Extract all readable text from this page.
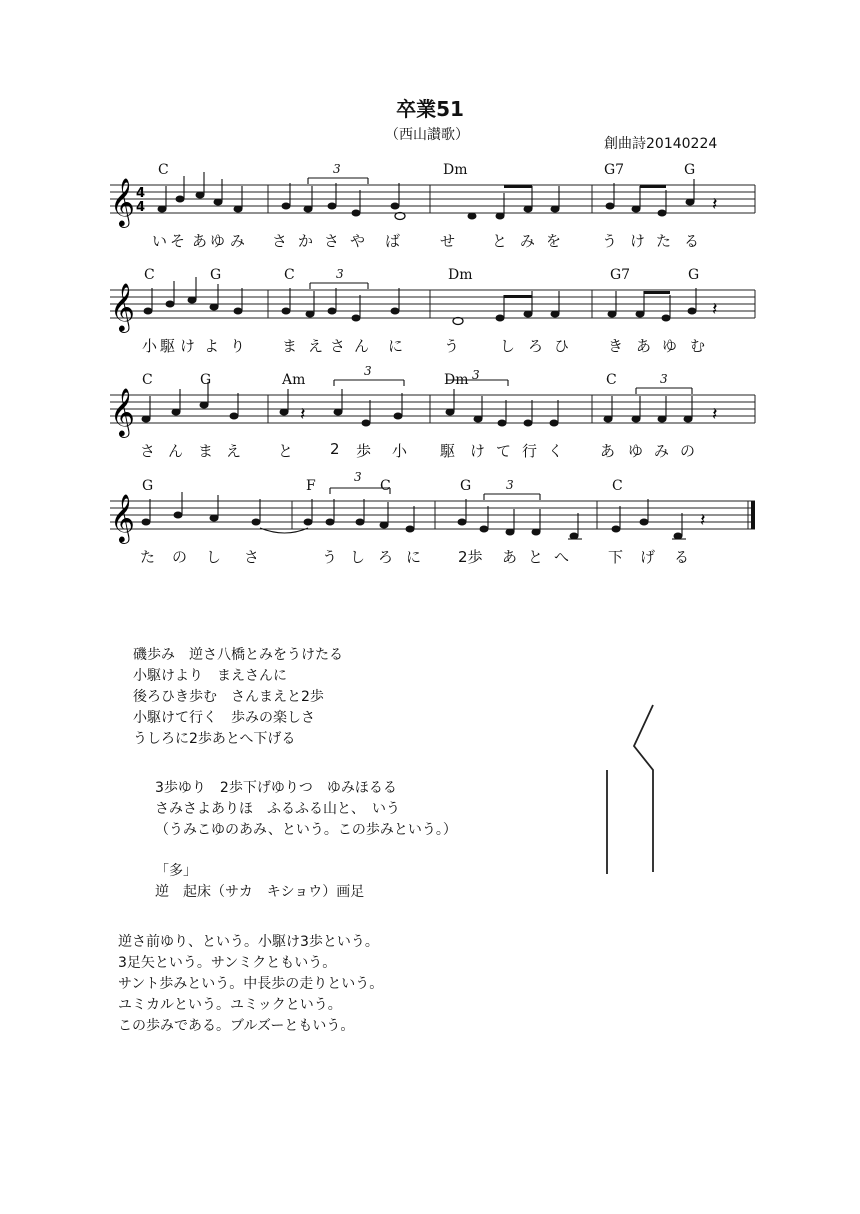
卒業51
（西山讃歌）
創曲詩20140224
𝄞 4
4	𝄽
C	3	Dm	G7	G
い そ あ ゆ み さ か さ や ば	せ と み を	う け た る
𝄞	𝄽
C	G	C	3	Dm	G7	G
小 駆 け よ り ま え さ ん に	う	し ろ ひ	き あ ゆ む
𝄞	𝄽	𝄽
C	G	Am
3
Dm 3	C	3
さ ん ま え と 2 歩 小 駆 け て 行 く あ ゆ み の
𝄞	𝄽
G	F
3
C	G	3	C
た の し さ	う し ろ に 2歩 あ と へ	下 げ る
磯歩み　逆さ八橋とみをうけたる
小駆けより　まえさんに
後ろひき歩む　さんまえと2歩
小駆けて行く　歩みの楽しさ
うしろに2歩あとへ下げる
3歩ゆり　2歩下げゆりつ　ゆみほるる
さみさよありほ　ふるふる山と、　いう
（うみこゆのあみ、という。この歩みという。）
「多」
逆　起床（サカ　キショウ）画足
逆さ前ゆり、という。小駆け3歩という。
3足矢という。サンミクともいう。
サント歩みという。中長歩の走りという。
ユミカルという。ユミックという。
この歩みである。ブルズーともいう。
